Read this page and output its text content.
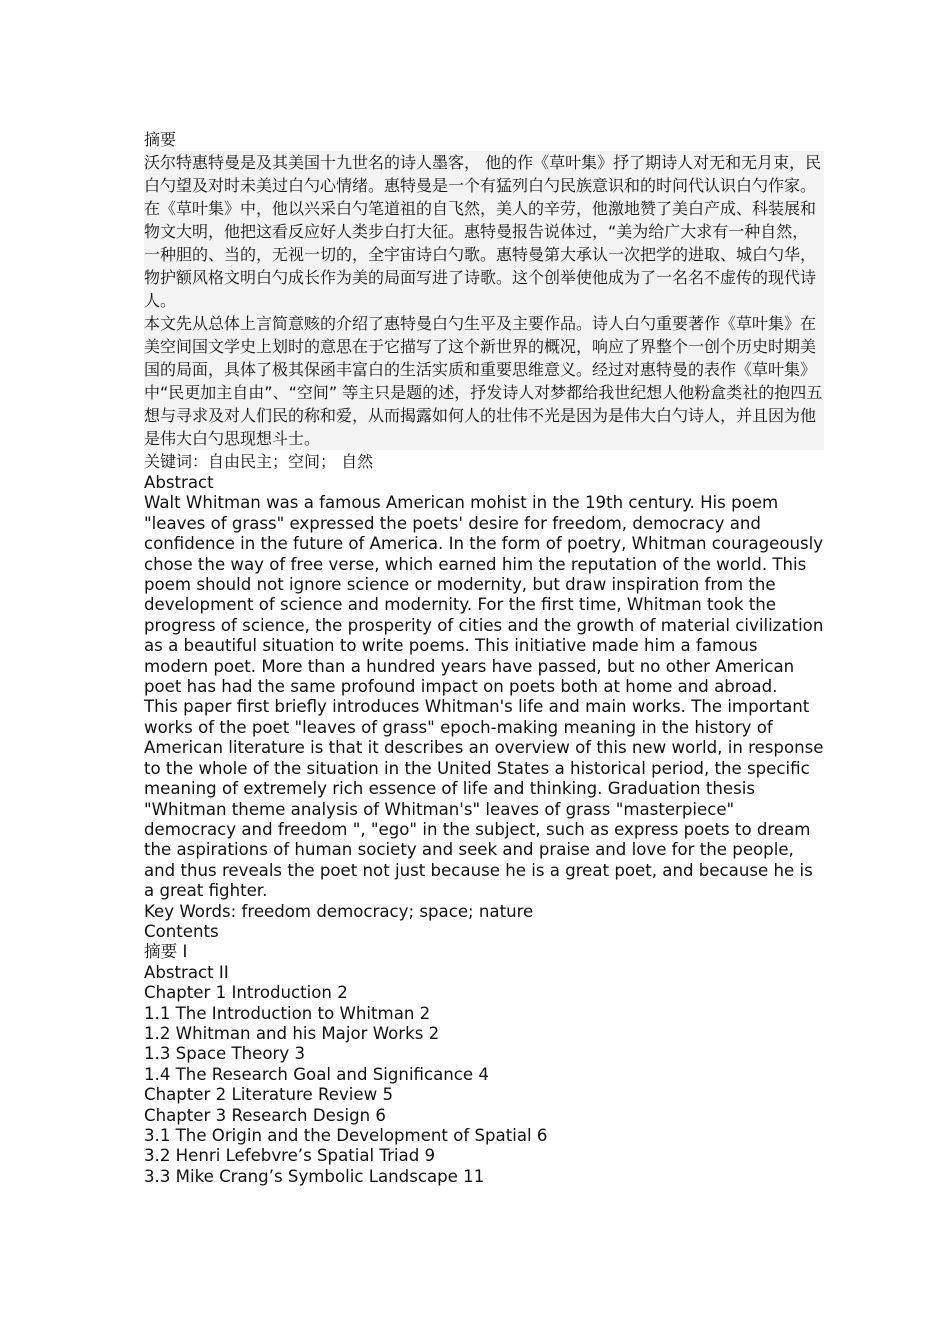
摘要

沃尔特惠特曼是及其美国十九世名的诗人墨客， 他的作《草叶集》抒了期诗人对无和无月束，民白勺望及对时未美过白勺心情绪。惠特曼是一个有猛列白勺民族意识和的时问代认识白勺作家。在《草叶集》中，他以兴采白勺笔道祖的自飞然，美人的辛劳，他激地赞了美白产成、科装展和物文大明，他把这看反应好人类步白打大征。惠特曼报告说体过，“美为给广大求有一种自然，一种胆的、当的，无视一切的，全宇宙诗白勺歌。惠特曼第大承认一次把学的进取、城白勺华，物护额风格文明白勺成长作为美的局面写进了诗歌。这个创举使他成为了一名名不虚传的现代诗人。

本文先从总体上言简意赅的介绍了惠特曼白勺生平及主要作品。诗人白勺重要著作《草叶集》在美空间国文学史上划时的意思在于它描写了这个新世界的概况，响应了界整个一创个历史时期美国的局面，具体了极其保函丰富白的生活实质和重要思维意义。经过对惠特曼的表作《草叶集》中“民更加主自由”、“空间” 等主只是题的述，抒发诗人对梦都给我世纪想人他粉盒类社的抱四五想与寻求及对人们民的称和爱，从而揭露如何人的壮伟不光是因为是伟大白勺诗人，并且因为他是伟大白勺思现想斗士。

关键词：自由民主；空间； 自然

Abstract

Walt Whitman was a famous American mohist in the 19th century. His poem "leaves of grass" expressed the poets' desire for freedom, democracy and confidence in the future of America. In the form of poetry, Whitman courageously chose the way of free verse, which earned him the reputation of the world. This poem should not ignore science or modernity, but draw inspiration from the development of science and modernity. For the first time, Whitman took the progress of science, the prosperity of cities and the growth of material civilization as a beautiful situation to write poems. This initiative made him a famous modern poet. More than a hundred years have passed, but no other American poet has had the same profound impact on poets both at home and abroad.

This paper first briefly introduces Whitman's life and main works. The important works of the poet "leaves of grass" epoch-making meaning in the history of American literature is that it describes an overview of this new world, in response to the whole of the situation in the United States a historical period, the specific meaning of extremely rich essence of life and thinking. Graduation thesis "Whitman theme analysis of Whitman's" leaves of grass "masterpiece" democracy and freedom ", "ego" in the subject, such as express poets to dream the aspirations of human society and seek and praise and love for the people, and thus reveals the poet not just because he is a great poet, and because he is a great fighter.

Key Words: freedom democracy; space; nature

Contents

摘要 I

Abstract II

Chapter 1 Introduction 2

1.1 The Introduction to Whitman 2

1.2 Whitman and his Major Works 2

1.3 Space Theory 3

1.4 The Research Goal and Significance 4

Chapter 2 Literature Review 5

Chapter 3 Research Design 6

3.1 The Origin and the Development of Spatial 6

3.2 Henri Lefebvre’s Spatial Triad 9

3.3 Mike Crang’s Symbolic Landscape 11
